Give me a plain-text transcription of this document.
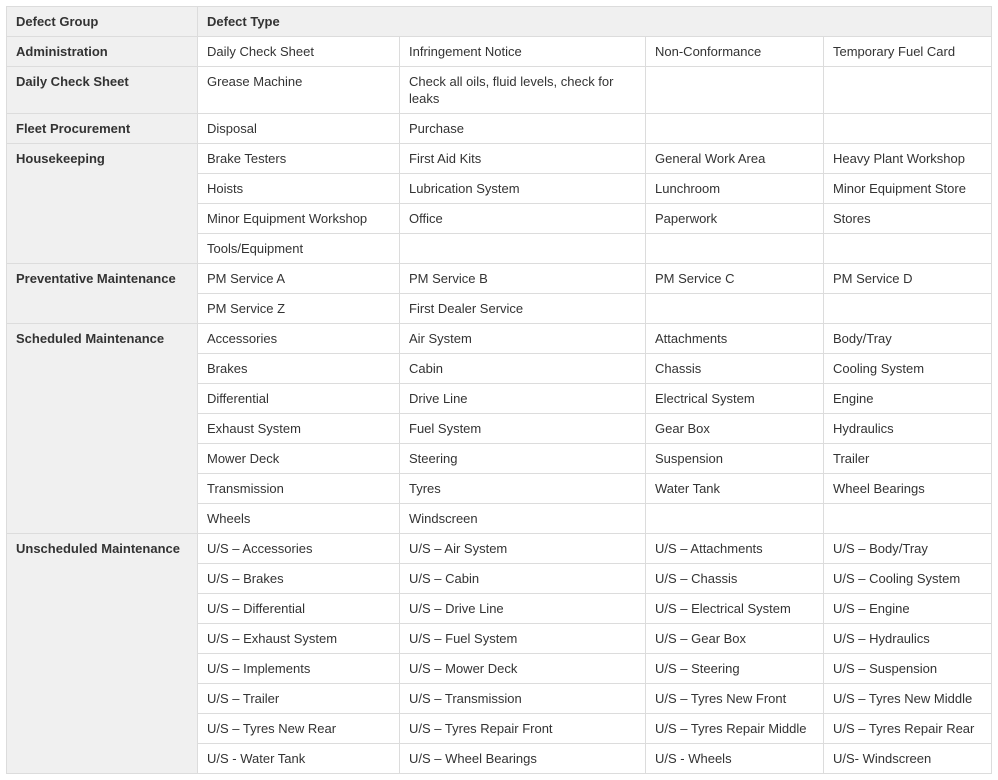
Defect Group	Defect Type			
Administration	Daily Check Sheet	Infringement Notice	Non-Conformance	Temporary Fuel Card
Daily Check Sheet	Grease Machine	Check all oils, fluid levels, check for leaks		
Fleet Procurement	Disposal	Purchase		
Housekeeping	Brake Testers	First Aid Kits	General Work Area	Heavy Plant Workshop
	Hoists	Lubrication System	Lunchroom	Minor Equipment Store
	Minor Equipment Workshop	Office	Paperwork	Stores
	Tools/Equipment			
Preventative Maintenance	PM Service A	PM Service B	PM Service C	PM Service D
	PM Service Z	First Dealer Service		
Scheduled Maintenance	Accessories	Air System	Attachments	Body/Tray
	Brakes	Cabin	Chassis	Cooling System
	Differential	Drive Line	Electrical System	Engine
	Exhaust System	Fuel System	Gear Box	Hydraulics
	Mower Deck	Steering	Suspension	Trailer
	Transmission	Tyres	Water Tank	Wheel Bearings
	Wheels	Windscreen		
Unscheduled Maintenance	U/S – Accessories	U/S – Air System	U/S – Attachments	U/S – Body/Tray
	U/S – Brakes	U/S – Cabin	U/S – Chassis	U/S – Cooling System
	U/S – Differential	U/S – Drive Line	U/S – Electrical System	U/S – Engine
	U/S – Exhaust System	U/S – Fuel System	U/S – Gear Box	U/S – Hydraulics
	U/S – Implements	U/S – Mower Deck	U/S – Steering	U/S – Suspension
	U/S – Trailer	U/S – Transmission	U/S – Tyres New Front	U/S – Tyres New Middle
	U/S – Tyres New Rear	U/S – Tyres Repair Front	U/S – Tyres Repair Middle	U/S – Tyres Repair Rear
	U/S - Water Tank	U/S – Wheel Bearings	U/S - Wheels	U/S- Windscreen
